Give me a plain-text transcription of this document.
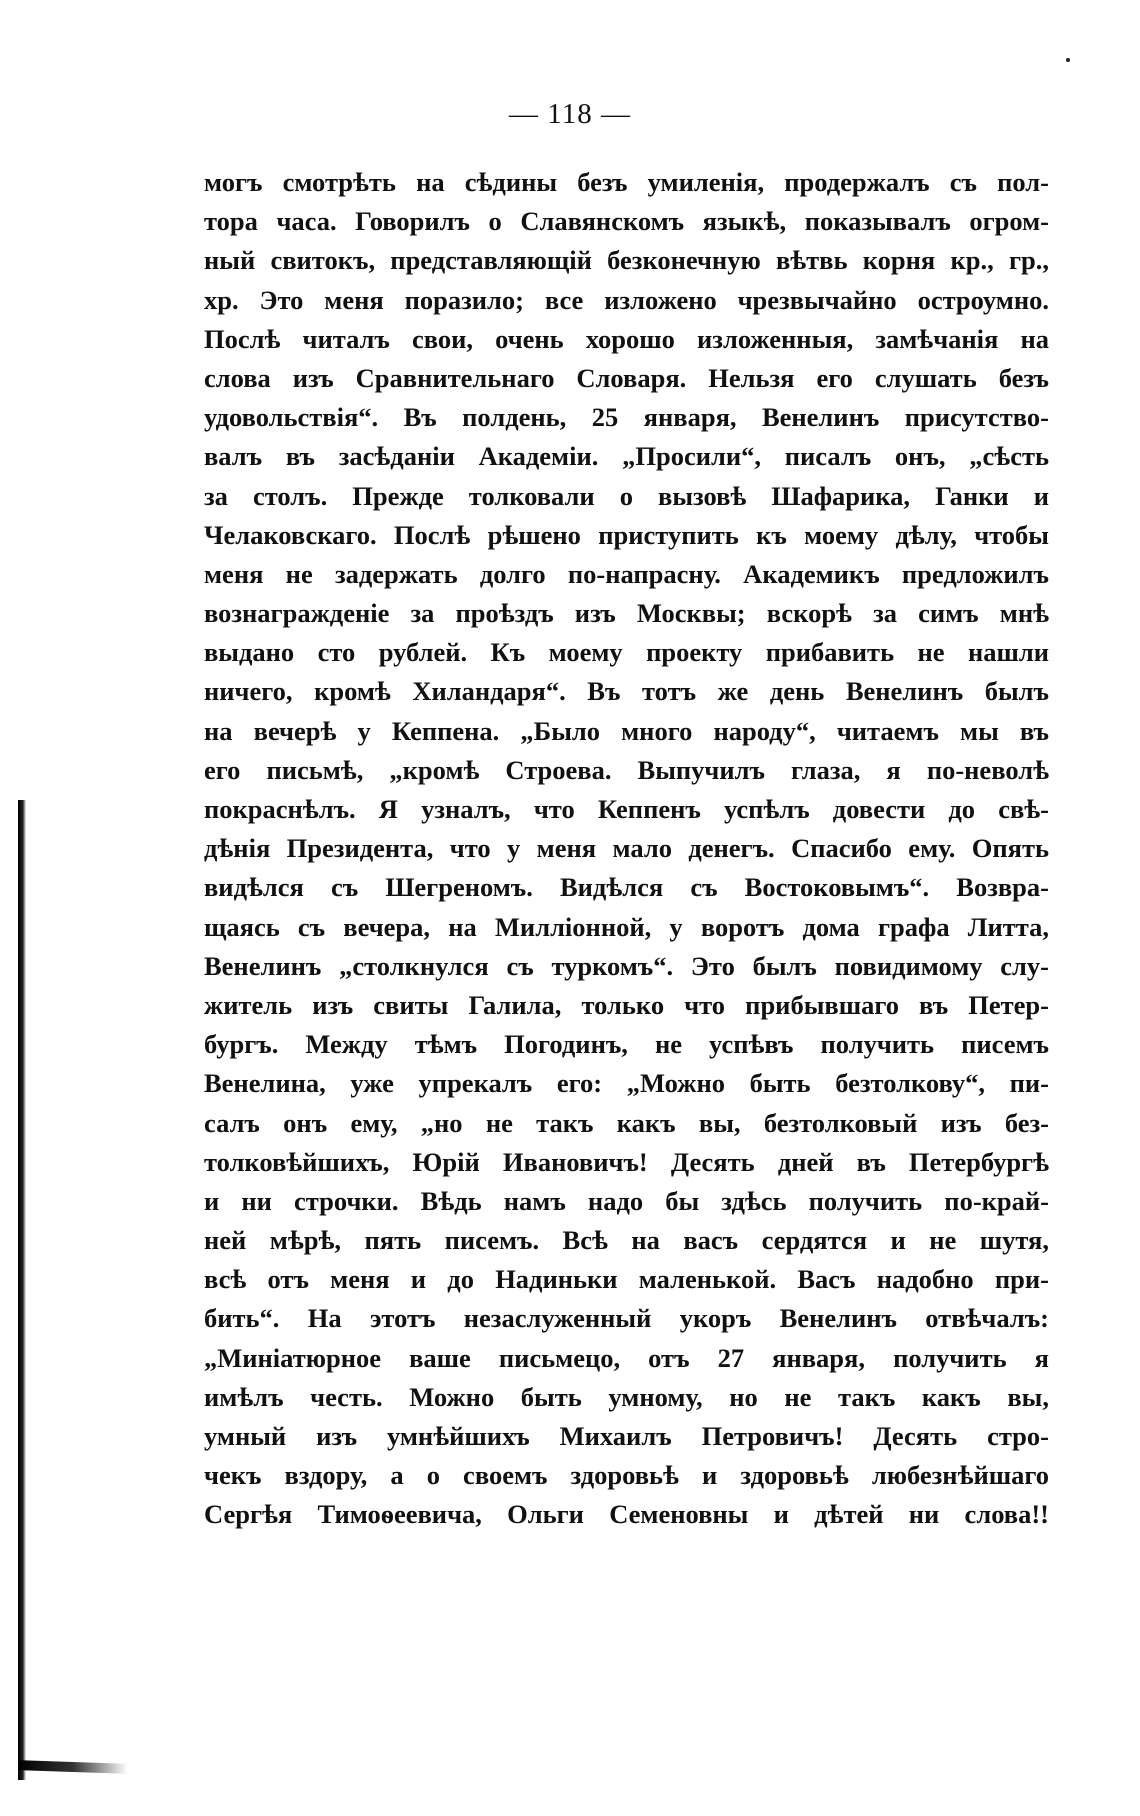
— 118 —
могъ смотрѣть на сѣдины безъ умиленія, продержалъ съ пол-
тора часа. Говорилъ о Славянскомъ языкѣ, показывалъ огром-
ный свитокъ, представляющій безконечную вѣтвь корня кр., гр.,
хр. Это меня поразило; все изложено чрезвычайно остроумно.
Послѣ читалъ свои, очень хорошо изложенныя, замѣчанія на
слова изъ Сравнительнаго Словаря. Нельзя его слушать безъ
удовольствія“. Въ полдень, 25 января, Венелинъ присутство-
валъ въ засѣданіи Академіи. „Просили“, писалъ онъ, „сѣсть
за столъ. Прежде толковали о вызовѣ Шафарика, Ганки и
Челаковскаго. Послѣ рѣшено приступить къ моему дѣлу, чтобы
меня не задержать долго по-напрасну. Академикъ предложилъ
вознагражденіе за проѣздъ изъ Москвы; вскорѣ за симъ мнѣ
выдано сто рублей. Къ моему проекту прибавить не нашли
ничего, кромѣ Хиландаря“. Въ тотъ же день Венелинъ былъ
на вечерѣ у Кеппена. „Было много народу“, читаемъ мы въ
его письмѣ, „кромѣ Строева. Выпучилъ глаза, я по-неволѣ
покраснѣлъ. Я узналъ, что Кеппенъ успѣлъ довести до свѣ-
дѣнія Президента, что у меня мало денегъ. Спасибо ему. Опять
видѣлся съ Шегреномъ. Видѣлся съ Востоковымъ“. Возвра-
щаясь съ вечера, на Милліонной, у воротъ дома графа Литта,
Венелинъ „столкнулся съ туркомъ“. Это былъ повидимому слу-
житель изъ свиты Галила, только что прибывшаго въ Петер-
бургъ. Между тѣмъ Погодинъ, не успѣвъ получить писемъ
Венелина, уже упрекалъ его: „Можно быть безтолкову“, пи-
салъ онъ ему, „но не такъ какъ вы, безтолковый изъ без-
толковѣйшихъ, Юрій Ивановичъ! Десять дней въ Петербургѣ
и ни строчки. Вѣдь намъ надо бы здѣсь получить по-край-
ней мѣрѣ, пять писемъ. Всѣ на васъ сердятся и не шутя,
всѣ отъ меня и до Надиньки маленькой. Васъ надобно при-
бить“. На этотъ незаслуженный укоръ Венелинъ отвѣчалъ:
„Миніатюрное ваше письмецо, отъ 27 января, получить я
имѣлъ честь. Можно быть умному, но не такъ какъ вы,
умный изъ умнѣйшихъ Михаилъ Петровичъ! Десять стро-
чекъ вздору, а о своемъ здоровьѣ и здоровьѣ любезнѣйшаго
Сергѣя Тимоѳеевича, Ольги Семеновны и дѣтей ни слова!!
